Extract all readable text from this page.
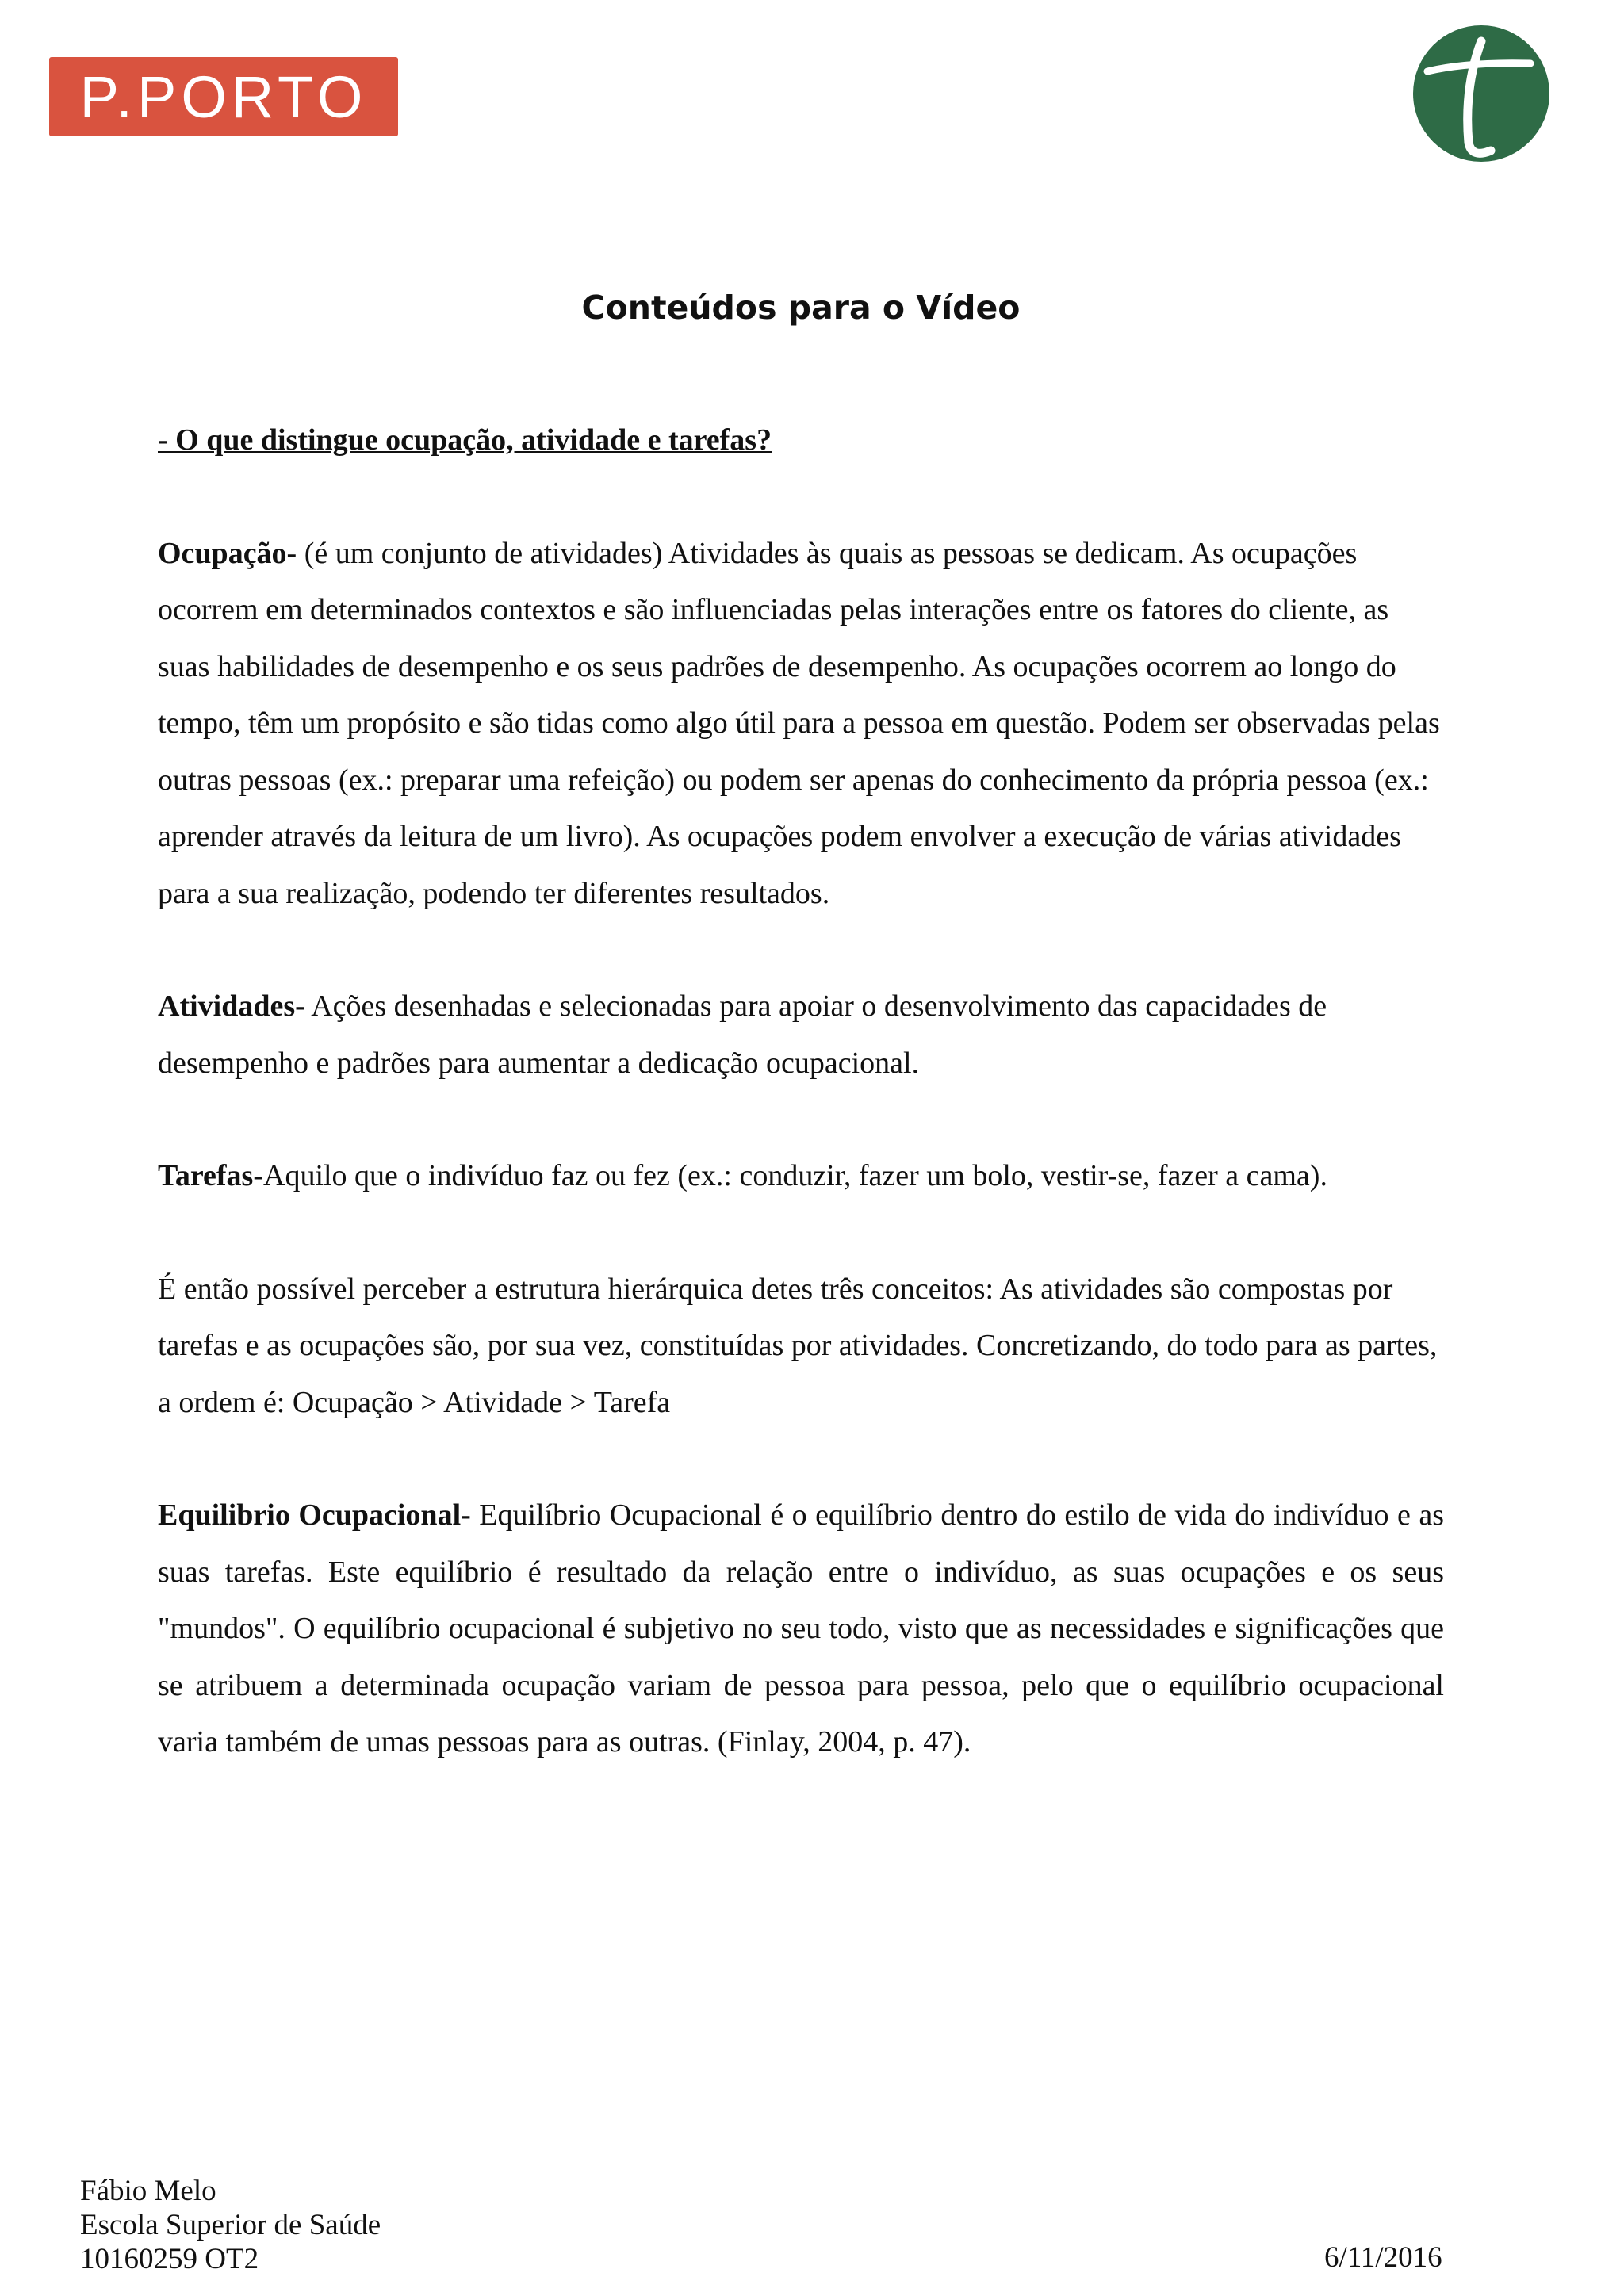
P.PORTO
Conteúdos para o Vídeo
- O que distingue ocupação, atividade e tarefas?

Ocupação- (é um conjunto de atividades) Atividades às quais as pessoas se dedicam. As ocupações ocorrem em determinados contextos e são influenciadas pelas interações entre os fatores do cliente, as suas habilidades de desempenho e os seus padrões de desempenho. As ocupações ocorrem ao longo do tempo, têm um propósito e são tidas como algo útil para a pessoa em questão. Podem ser observadas pelas outras pessoas (ex.: preparar uma refeição) ou podem ser apenas do conhecimento da própria pessoa (ex.: aprender através da leitura de um livro). As ocupações podem envolver a execução de várias atividades para a sua realização, podendo ter diferentes resultados.

Atividades- Ações desenhadas e selecionadas para apoiar o desenvolvimento das capacidades de desempenho e padrões para aumentar a dedicação ocupacional.

Tarefas-Aquilo que o indivíduo faz ou fez (ex.: conduzir, fazer um bolo, vestir-se, fazer a cama).

É então possível perceber a estrutura hierárquica detes três conceitos: As atividades são compostas por tarefas e as ocupações são, por sua vez, constituídas por atividades. Concretizando, do todo para as partes, a ordem é: Ocupação > Atividade > Tarefa

Equilibrio Ocupacional- Equilíbrio Ocupacional é o equilíbrio dentro do estilo de vida do indivíduo e as suas tarefas. Este equilíbrio é resultado da relação entre o indivíduo, as suas ocupações e os seus "mundos". O equilíbrio ocupacional é subjetivo no seu todo, visto que as necessidades e significações que se atribuem a determinada ocupação variam de pessoa para pessoa, pelo que o equilíbrio ocupacional varia também de umas pessoas para as outras. (Finlay, 2004, p. 47).

Fábio Melo
Escola Superior de Saúde
10160259 OT2	6/11/2016
